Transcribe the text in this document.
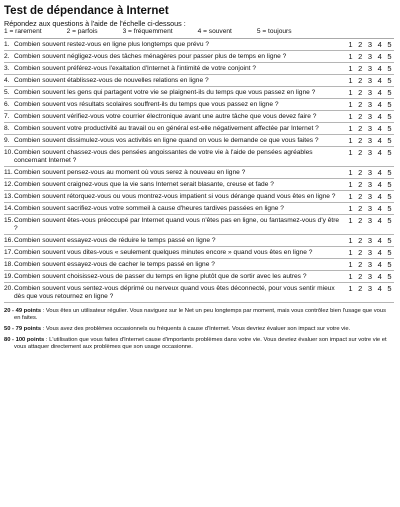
Test de dépendance à Internet
Répondez aux questions à l'aide de l'échelle ci-dessous :
1 = rarement	2 = parfois	3 = fréquemment	4 = souvent	5 = toujours
1. Combien souvent restez-vous en ligne plus longtemps que prévu ?	1 2 3 4 5
2. Combien souvent négligez-vous des tâches ménagères pour passer plus de temps en ligne ?	1 2 3 4 5
3. Combien souvent préférez-vous l'exaltation d'Internet à l'intimité de votre conjoint ?	1 2 3 4 5
4. Combien souvent établissez-vous de nouvelles relations en ligne ?	1 2 3 4 5
5. Combien souvent les gens qui partagent votre vie se plaignent-ils du temps que vous passez en ligne ?	1 2 3 4 5
6. Combien souvent vos résultats scolaires souffrent-ils du temps que vous passez en ligne ?	1 2 3 4 5
7. Combien souvent vérifiez-vous votre courrier électronique avant une autre tâche que vous devez faire ?	1 2 3 4 5
8. Combien souvent votre productivité au travail ou en général est-elle négativement affectée par Internet ?	1 2 3 4 5
9. Combien souvent dissimulez-vous vos activités en ligne quand on vous le demande ce que vous faites ?	1 2 3 4 5
10.Combien souvent chassez-vous des pensées angoissantes de votre vie à l'aide de pensées agréables concernant Internet ?
1 2 3 4 5
11.Combien souvent pensez-vous au moment où vous serez à nouveau en ligne ?	1 2 3 4 5
12.Combien souvent craignez-vous que la vie sans Internet serait blasante, creuse et fade ?	1 2 3 4 5
13.Combien souvent rétorquez-vous ou vous montrez-vous impatient si vous dérange quand vous êtes en ligne ?	1 2 3 4 5
14.Combien souvent sacrifiez-vous votre sommeil à cause d'heures tardives passées en ligne ?	1 2 3 4 5
15.Combien souvent êtes-vous préoccupé par Internet quand vous n'êtes pas en ligne, ou fantasmez-vous d'y être ?
1 2 3 4 5
16.Combien souvent essayez-vous de réduire le temps passé en ligne ?	1 2 3 4 5
17.Combien souvent vous dites-vous « seulement quelques minutes encore » quand vous êtes en ligne ?	1 2 3 4 5
18.Combien souvent essayez-vous de cacher le temps passé en ligne ?	1 2 3 4 5
19.Combien souvent choisissez-vous de passer du temps en ligne plutôt que de sortir avec les autres ?	1 2 3 4 5
20.Combien souvent vous sentez-vous déprimé ou nerveux quand vous êtes déconnecté, pour vous sentir mieux dès que vous retournez en ligne ?
1 2 3 4 5
20 - 49 points : Vous êtes un utilisateur régulier. Vous naviguez sur le Net un peu longtemps par moment, mais vous contrôlez bien l'usage que vous en faites.
50 - 79 points : Vous avez des problèmes occasionnels ou fréquents à cause d'Internet. Vous devriez évaluer son impact sur votre vie.
80 - 100 points : L'utilisation que vous faites d'Internet cause d'importants problèmes dans votre vie. Vous devriez évaluer son impact sur votre vie et vous attaquer directement aux problèmes que son usage occasionne.
